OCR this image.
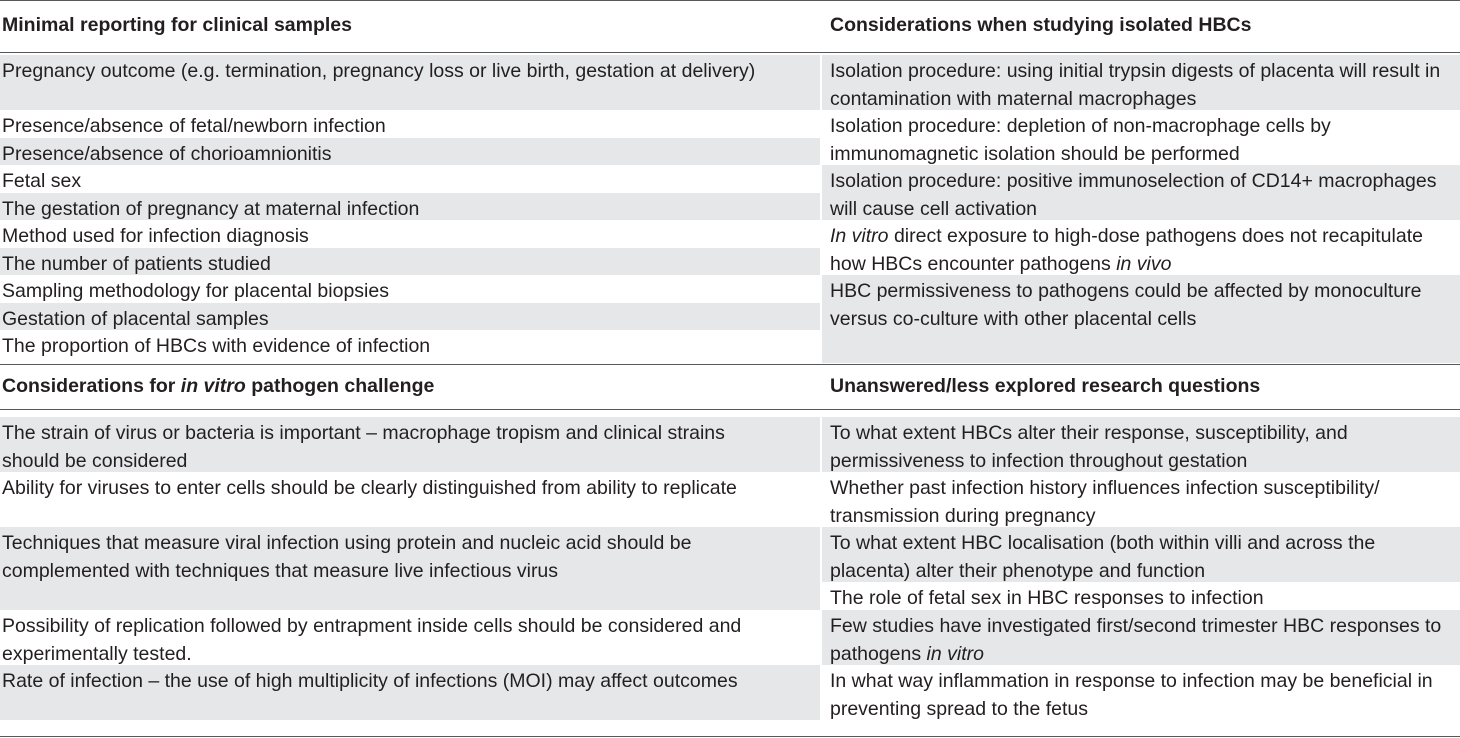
Minimal reporting for clinical samples	Considerations when studying isolated HBCs
Pregnancy outcome (e.g. termination, pregnancy loss or live birth, gestation at delivery)
Presence/absence of fetal/newborn infection
Presence/absence of chorioamnionitis
Fetal sex
The gestation of pregnancy at maternal infection
Method used for infection diagnosis
The number of patients studied
Sampling methodology for placental biopsies
Gestation of placental samples
The proportion of HBCs with evidence of infection
Isolation procedure: using initial trypsin digests of placenta will result in
contamination with maternal macrophages
Isolation procedure: depletion of non-macrophage cells by
immunomagnetic isolation should be performed
Isolation procedure: positive immunoselection of CD14+ macrophages
will cause cell activation
In vitro direct exposure to high-dose pathogens does not recapitulate
how HBCs encounter pathogens in vivo
HBC permissiveness to pathogens could be affected by monoculture
versus co-culture with other placental cells
Considerations for in vitro pathogen challenge	Unanswered/less explored research questions
The strain of virus or bacteria is important – macrophage tropism and clinical strains
should be considered
Ability for viruses to enter cells should be clearly distinguished from ability to replicate
Techniques that measure viral infection using protein and nucleic acid should be
complemented with techniques that measure live infectious virus
Possibility of replication followed by entrapment inside cells should be considered and
experimentally tested.
Rate of infection – the use of high multiplicity of infections (MOI) may affect outcomes
To what extent HBCs alter their response, susceptibility, and
permissiveness to infection throughout gestation
Whether past infection history influences infection susceptibility/
transmission during pregnancy
To what extent HBC localisation (both within villi and across the
placenta) alter their phenotype and function
The role of fetal sex in HBC responses to infection
Few studies have investigated first/second trimester HBC responses to
pathogens in vitro
In what way inflammation in response to infection may be beneficial in
preventing spread to the fetus
